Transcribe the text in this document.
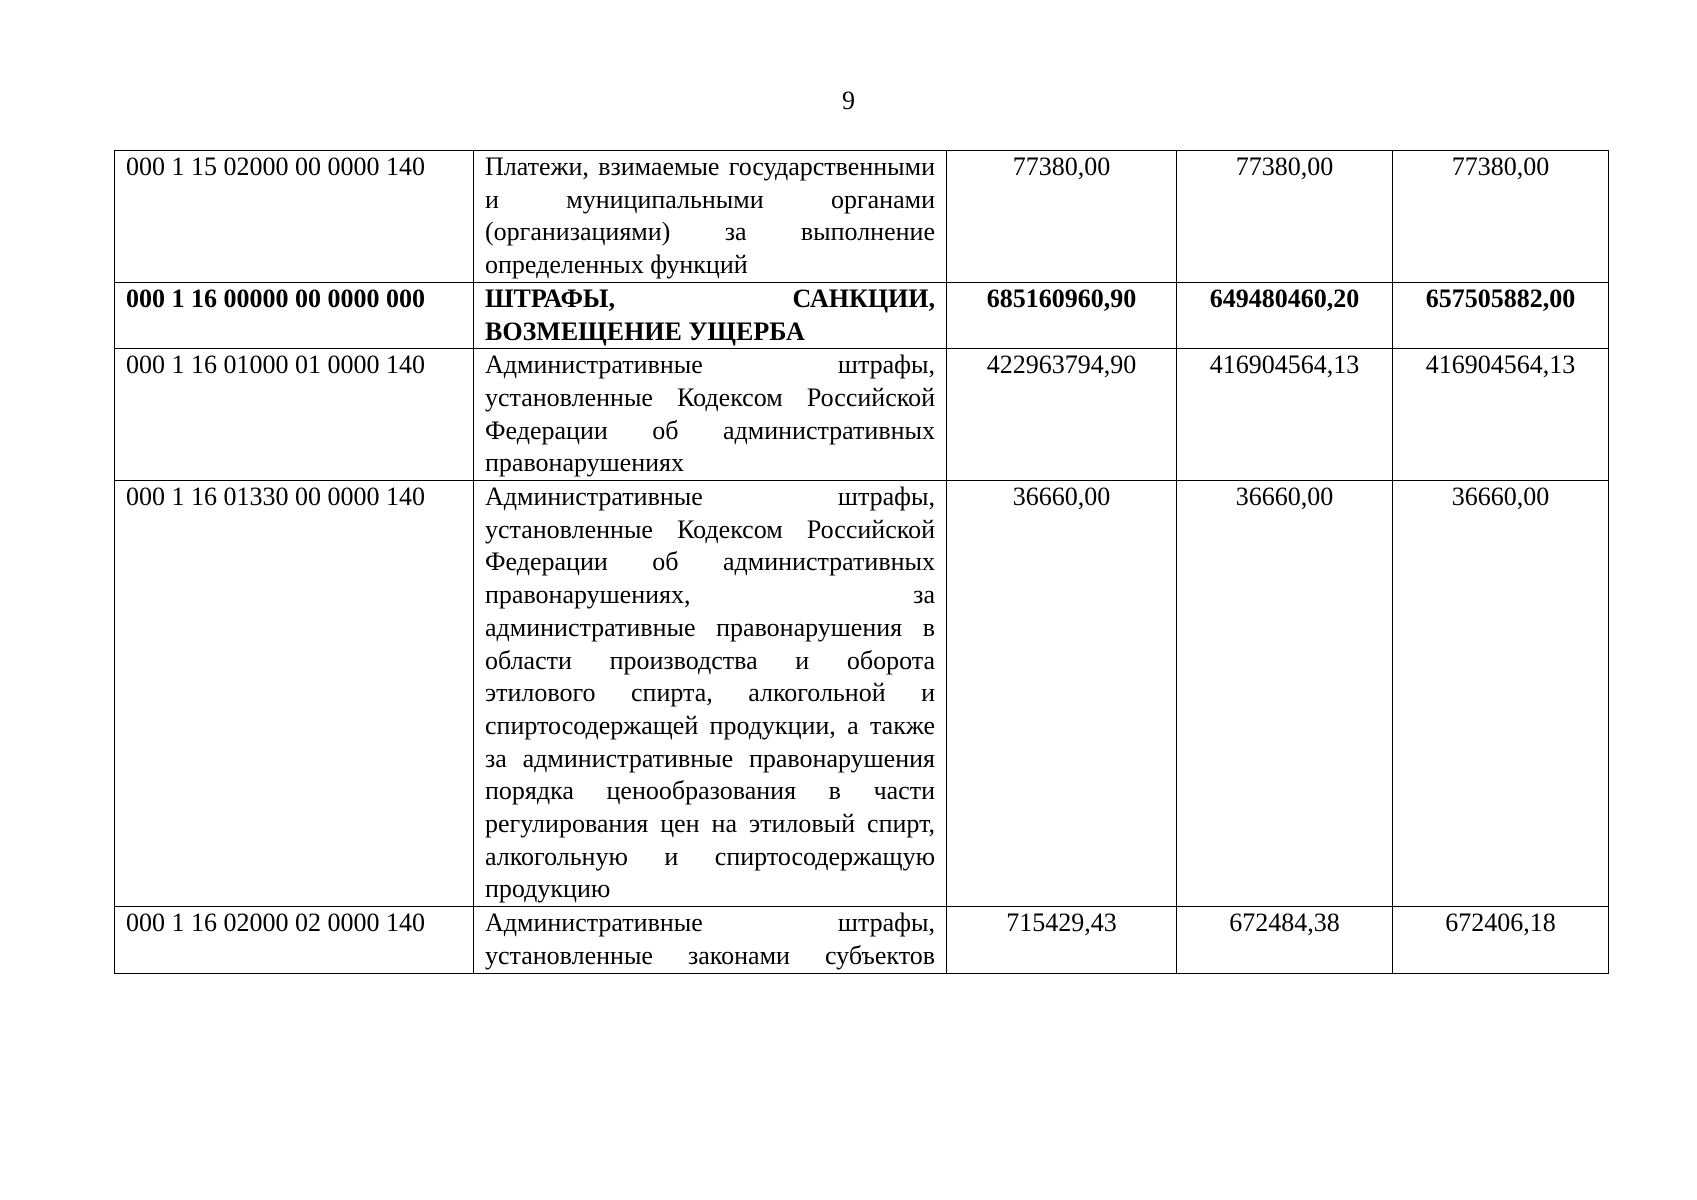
9
000 1 15 02000 00 0000 140	Платежи, взимаемые государственными и муниципальными органами (организациями) за выполнение определенных функций	77380,00	77380,00	77380,00
000 1 16 00000 00 0000 000	ШТРАФЫ, САНКЦИИ, ВОЗМЕЩЕНИЕ УЩЕРБА	685160960,90	649480460,20	657505882,00
000 1 16 01000 01 0000 140	Административные штрафы, установленные Кодексом Российской Федерации об административных правонарушениях	422963794,90	416904564,13	416904564,13
000 1 16 01330 00 0000 140	Административные штрафы, установленные Кодексом Российской Федерации об административных правонарушениях, за административные правонарушения в области производства и оборота этилового спирта, алкогольной и спиртосодержащей продукции, а также за административные правонарушения порядка ценообразования в части регулирования цен на этиловый спирт, алкогольную и спиртосодержащую продукцию	36660,00	36660,00	36660,00
000 1 16 02000 02 0000 140	Административные штрафы, установленные законами субъектов	715429,43	672484,38	672406,18
